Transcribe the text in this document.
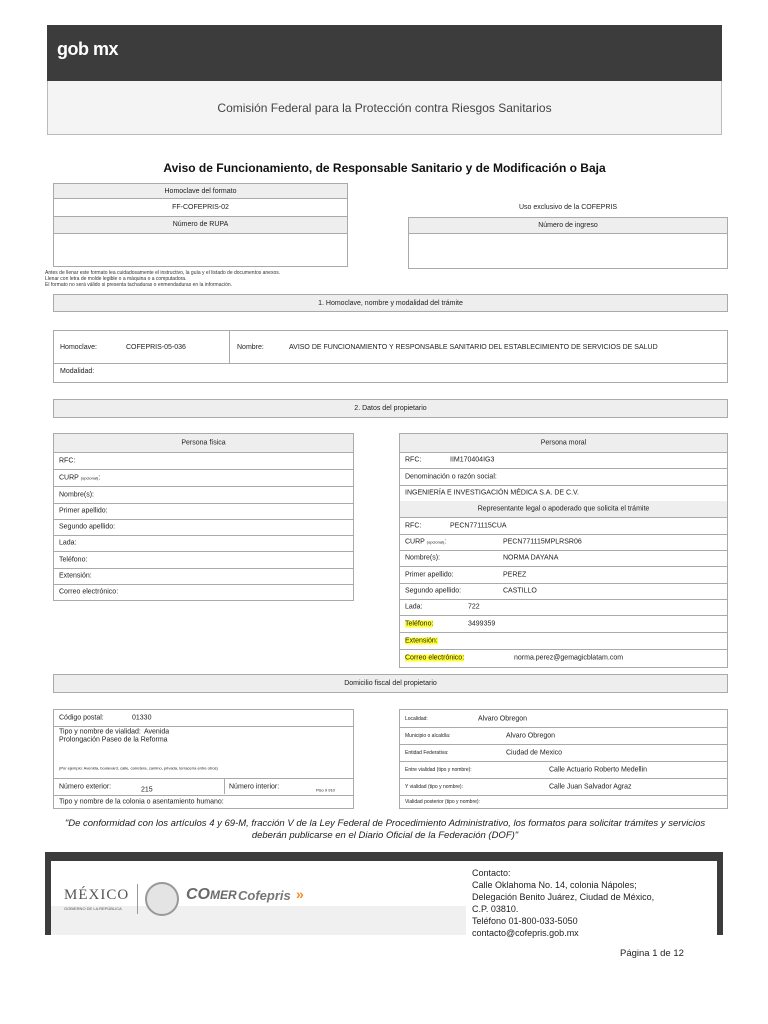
gob mx
Comisión Federal para la Protección contra Riesgos Sanitarios
Aviso de Funcionamiento, de Responsable Sanitario y de Modificación o Baja
Homoclave del formato
FF-COFEPRIS-02
Número de RUPA
Uso exclusivo de la COFEPRIS
Número de ingreso
Antes de llenar este formato lea cuidadosamente el instructivo, la guía y el listado de documentos anexos.
Llenar con letra de molde legible o a máquina o a computadora.
El formato no será válido si presenta tachaduras o enmendaduras en la información.
1. Homoclave, nombre y modalidad del trámite
Homoclave:	COFEPRIS-05-036	Nombre:	AVISO DE FUNCIONAMIENTO Y RESPONSABLE SANITARIO DEL ESTABLECIMIENTO DE SERVICIOS DE SALUD
Modalidad:
2. Datos del propietario
Persona física
RFC:
CURP (opcional):
Nombre(s):
Primer apellido:
Segundo apellido:
Lada:
Teléfono:
Extensión:
Correo electrónico:
Persona moral
RFC:	IIM170404IG3
Denominación o razón social:
INGENIERÍA E INVESTIGACIÓN MÉDICA S.A. DE C.V.
Representante legal o apoderado que solicita el trámite
RFC:	PECN771115CUA
CURP (opcional):	PECN771115MPLRSR06
Nombre(s):	NORMA DAYANA
Primer apellido:	PEREZ
Segundo apellido:	CASTILLO
Lada:	722
Teléfono:	3499359
Extensión:
Correo electrónico:	norma.perez@gemagicblatam.com
Domicilio fiscal del propietario
Código postal:	01330
Tipo y nombre de vialidad: Avenida
Prolongación Paseo de la Reforma
(Por ejemplo: Avenida, boulevard, calle, carretera, camino, privada, terracería entre otros)
Número exterior:	215	Número interior:	Piso 9 910
Tipo y nombre de la colonia o asentamiento humano:
Localidad:	Alvaro Obregon
Municipio o alcaldía:	Alvaro Obregon
Entidad Federativa:	Ciudad de Mexico
Entre vialidad (tipo y nombre):	Calle Actuario Roberto Medellin
Y vialidad (tipo y nombre):	Calle Juan Salvador Agraz
Vialidad posterior (tipo y nombre):
"De conformidad con los artículos 4 y 69-M, fracción V de la Ley Federal de Procedimiento Administrativo, los formatos para solicitar trámites y servicios deberán publicarse en el Diario Oficial de la Federación (DOF)"
MÉXICO
GOBIERNO DE LA REPÚBLICA
COMER Cofepris »
Contacto:
Calle Oklahoma No. 14, colonia Nápoles;
Delegación Benito Juárez, Ciudad de México,
C.P. 03810.
Teléfono 01-800-033-5050
contacto@cofepris.gob.mx
Página 1 de 12
